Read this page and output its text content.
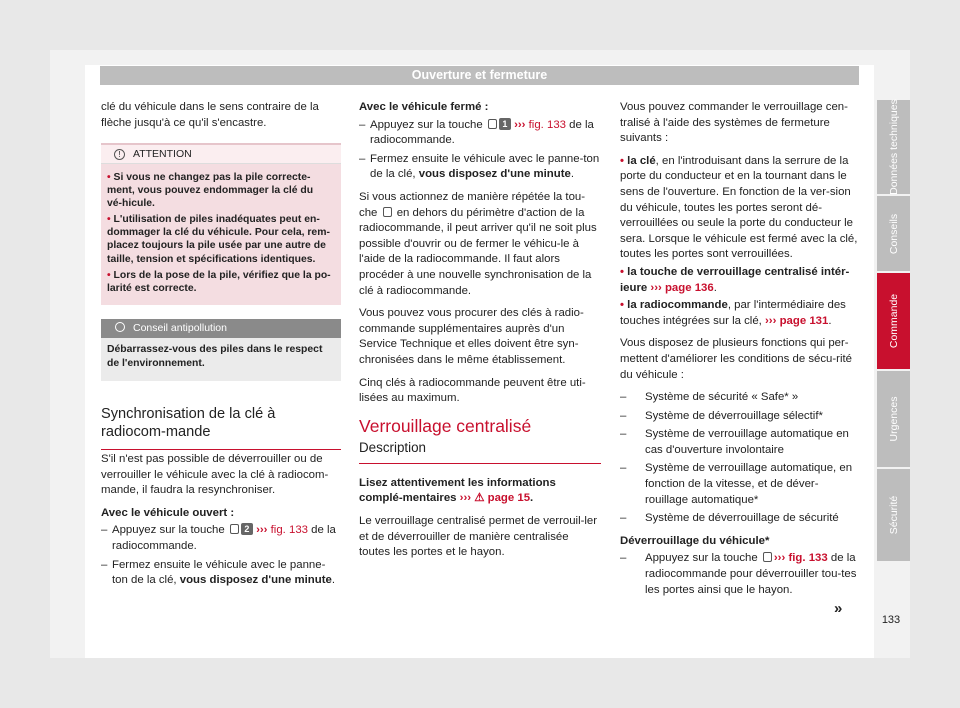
Ouverture et fermeture

clé du véhicule dans le sens contraire de la flèche jusqu'à ce qu'il s'encastre.

! ATTENTION
• Si vous ne changez pas la pile correcte-ment, vous pouvez endommager la clé du vé-hicule.
• L'utilisation de piles inadéquates peut en-dommager la clé du véhicule. Pour cela, rem-placez toujours la pile usée par une autre de taille, tension et spécifications identiques.
• Lors de la pose de la pile, vérifiez que la po-larité est correcte.
Conseil antipollution
Débarrassez-vous des piles dans le respect de l'environnement.
Synchronisation de la clé à radiocom-mande

S'il n'est pas possible de déverrouiller ou de verrouiller le véhicule avec la clé à radiocom-mande, il faudra la resynchroniser.

Avec le véhicule ouvert :

– Appuyez sur la touche 2 ››› fig. 133 de la radiocommande.
– Fermez ensuite le véhicule avec le panne-ton de la clé, vous disposez d'une minute.

Avec le véhicule fermé :

– Appuyez sur la touche 1 ››› fig. 133 de la radiocommande.
– Fermez ensuite le véhicule avec le panne-ton de la clé, vous disposez d'une minute.

Si vous actionnez de manière répétée la tou-che en dehors du périmètre d'action de la radiocommande, il peut arriver qu'il ne soit plus possible d'ouvrir ou de fermer le véhicu-le à l'aide de la radiocommande. Il faut alors procéder à une nouvelle synchronisation de la clé à radiocommande.

Vous pouvez vous procurer des clés à radio-commande supplémentaires auprès d'un Service Technique et elles doivent être syn-chronisées dans le même établissement.

Cinq clés à radiocommande peuvent être uti-lisées au maximum.

Verrouillage centralisé
Description

Lisez attentivement les informations complé-mentaires ››› ⚠ page 15.

Le verrouillage centralisé permet de verrouil-ler et de déverrouiller de manière centralisée toutes les portes et le hayon.

Vous pouvez commander le verrouillage cen-tralisé à l'aide des systèmes de fermeture suivants :

• la clé, en l'introduisant dans la serrure de la porte du conducteur et en la tournant dans le sens de l'ouverture. En fonction de la ver-sion du véhicule, toutes les portes seront dé-verrouillées ou seule la porte du conducteur le sera. Lorsque le véhicule est fermé avec la clé, toutes les portes sont verrouillées.

• la touche de verrouillage centralisé intér-ieure ››› page 136.

• la radiocommande, par l'intermédiaire des touches intégrées sur la clé, ››› page 131.

Vous disposez de plusieurs fonctions qui per-mettent d'améliorer les conditions de sécu-rité du véhicule :

– Système de sécurité « Safe* »
– Système de déverrouillage sélectif*
– Système de verrouillage automatique en cas d'ouverture involontaire
– Système de verrouillage automatique, en fonction de la vitesse, et de déver-rouillage automatique*
– Système de déverrouillage de sécurité

Déverrouillage du véhicule*

– Appuyez sur la touche ››› fig. 133 de la radiocommande pour déverrouiller tou-tes les portes ainsi que le hayon.
»
Données techniques
Conseils
Commande
Urgences
Sécurité
133
